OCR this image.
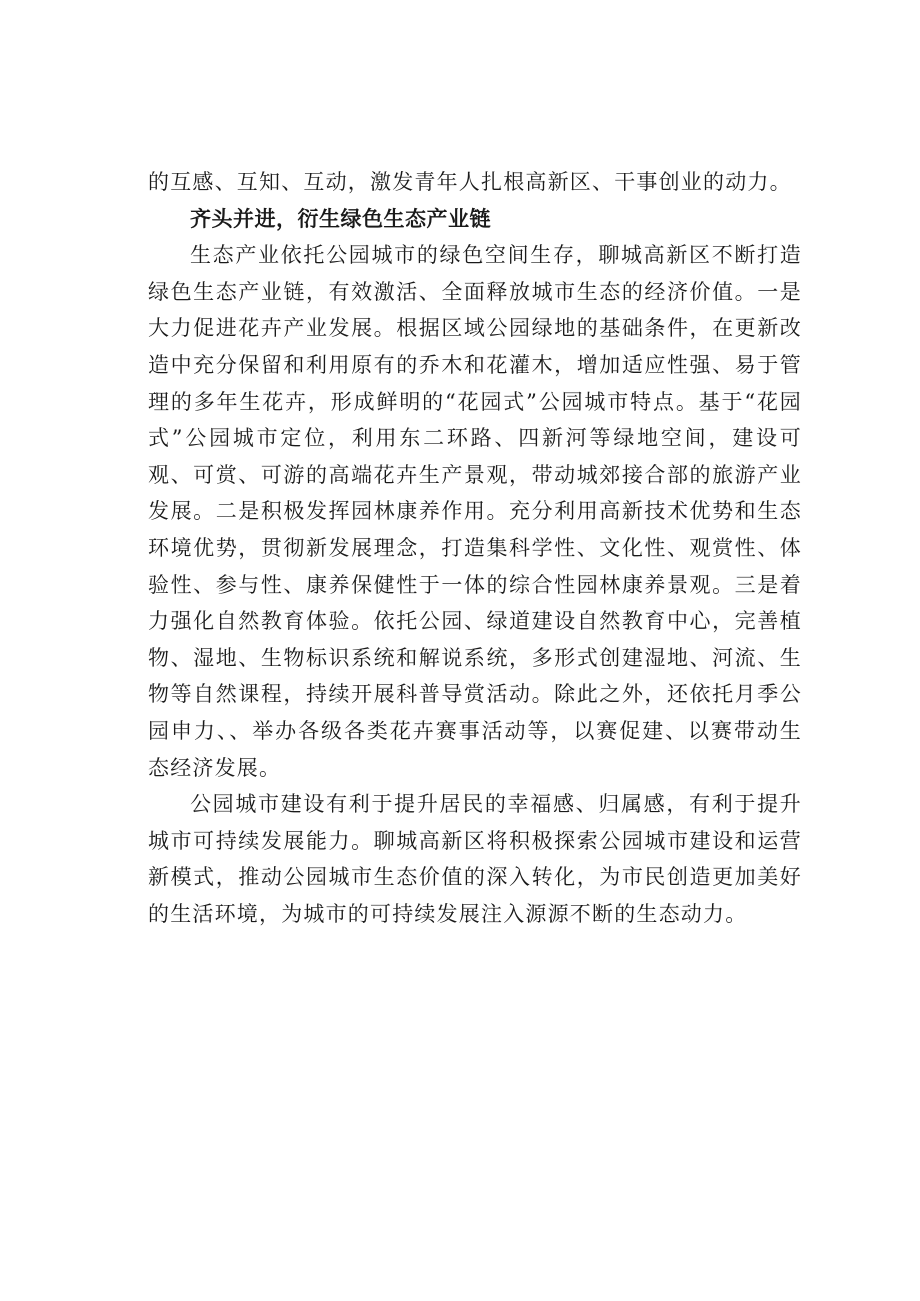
的互感、互知、互动，激发青年人扎根高新区、干事创业的动力。

齐头并进，衍生绿色生态产业链

生态产业依托公园城市的绿色空间生存，聊城高新区不断打造绿色生态产业链，有效激活、全面释放城市生态的经济价值。一是大力促进花卉产业发展。根据区域公园绿地的基础条件，在更新改造中充分保留和利用原有的乔木和花灌木，增加适应性强、易于管理的多年生花卉，形成鲜明的“花园式”公园城市特点。基于“花园式”公园城市定位，利用东二环路、四新河等绿地空间，建设可观、可赏、可游的高端花卉生产景观，带动城郊接合部的旅游产业发展。二是积极发挥园林康养作用。充分利用高新技术优势和生态环境优势，贯彻新发展理念，打造集科学性、文化性、观赏性、体验性、参与性、康养保健性于一体的综合性园林康养景观。三是着力强化自然教育体验。依托公园、绿道建设自然教育中心，完善植物、湿地、生物标识系统和解说系统，多形式创建湿地、河流、生物等自然课程，持续开展科普导赏活动。除此之外，还依托月季公园申力、、举办各级各类花卉赛事活动等，以赛促建、以赛带动生态经济发展。

公园城市建设有利于提升居民的幸福感、归属感，有利于提升城市可持续发展能力。聊城高新区将积极探索公园城市建设和运营新模式，推动公园城市生态价值的深入转化，为市民创造更加美好的生活环境，为城市的可持续发展注入源源不断的生态动力。
